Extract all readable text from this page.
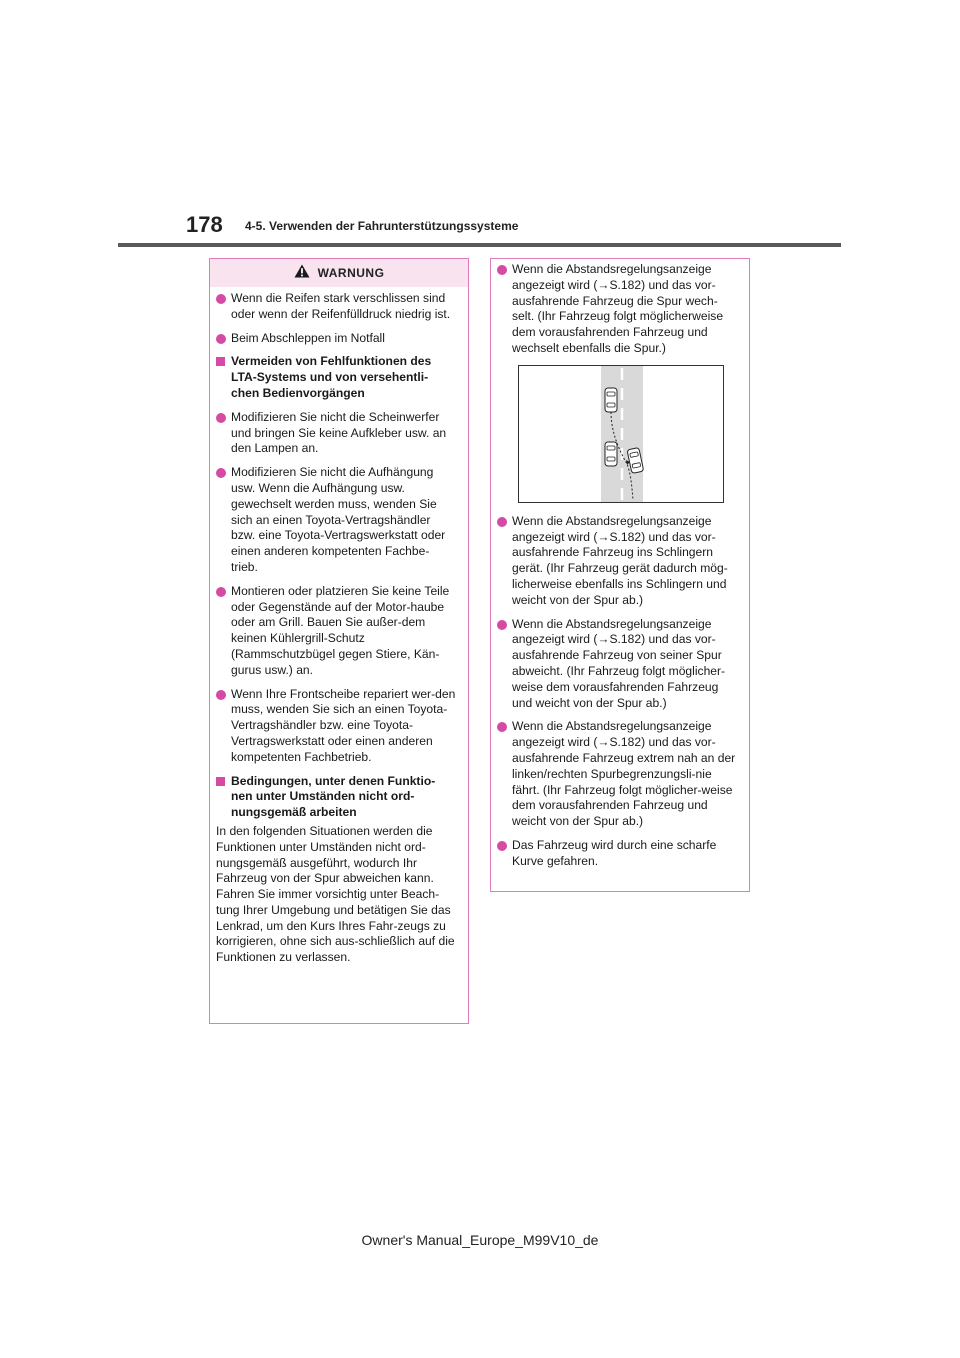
178 4-5. Verwenden der Fahrunterstützungssysteme
WARNUNG
Wenn die Reifen stark verschlissen sind oder wenn der Reifenfülldruck niedrig ist.
Beim Abschleppen im Notfall
Vermeiden von Fehlfunktionen des LTA-Systems und von versehentli-chen Bedienvorgängen
Modifizieren Sie nicht die Scheinwerfer und bringen Sie keine Aufkleber usw. an den Lampen an.
Modifizieren Sie nicht die Aufhängung usw. Wenn die Aufhängung usw. gewechselt werden muss, wenden Sie sich an einen Toyota-Vertragshändler bzw. eine Toyota-Vertragswerkstatt oder einen anderen kompetenten Fachbe-trieb.
Montieren oder platzieren Sie keine Teile oder Gegenstände auf der Motor-haube oder am Grill. Bauen Sie außer-dem keinen Kühlergrill-Schutz (Rammschutzbügel gegen Stiere, Kän-gurus usw.) an.
Wenn Ihre Frontscheibe repariert wer-den muss, wenden Sie sich an einen Toyota-Vertragshändler bzw. eine Toyota-Vertragswerkstatt oder einen anderen kompetenten Fachbetrieb.
Bedingungen, unter denen Funktio-nen unter Umständen nicht ord-nungsgemäß arbeiten
In den folgenden Situationen werden die Funktionen unter Umständen nicht ord-nungsgemäß ausgeführt, wodurch Ihr Fahrzeug von der Spur abweichen kann. Fahren Sie immer vorsichtig unter Beach-tung Ihrer Umgebung und betätigen Sie das Lenkrad, um den Kurs Ihres Fahr-zeugs zu korrigieren, ohne sich aus-schließlich auf die Funktionen zu verlassen.
Wenn die Abstandsregelungsanzeige angezeigt wird (→S.182) und das vor-ausfahrende Fahrzeug die Spur wech-selt. (Ihr Fahrzeug folgt möglicherweise dem vorausfahrenden Fahrzeug und wechselt ebenfalls die Spur.)
Wenn die Abstandsregelungsanzeige angezeigt wird (→S.182) und das vor-ausfahrende Fahrzeug ins Schlingern gerät. (Ihr Fahrzeug gerät dadurch mög-licherweise ebenfalls ins Schlingern und weicht von der Spur ab.)
Wenn die Abstandsregelungsanzeige angezeigt wird (→S.182) und das vor-ausfahrende Fahrzeug von seiner Spur abweicht. (Ihr Fahrzeug folgt möglicher-weise dem vorausfahrenden Fahrzeug und weicht von der Spur ab.)
Wenn die Abstandsregelungsanzeige angezeigt wird (→S.182) und das vor-ausfahrende Fahrzeug extrem nah an der linken/rechten Spurbegrenzungsli-nie fährt. (Ihr Fahrzeug folgt möglicher-weise dem vorausfahrenden Fahrzeug und weicht von der Spur ab.)
Das Fahrzeug wird durch eine scharfe Kurve gefahren.
Owner's Manual_Europe_M99V10_de
